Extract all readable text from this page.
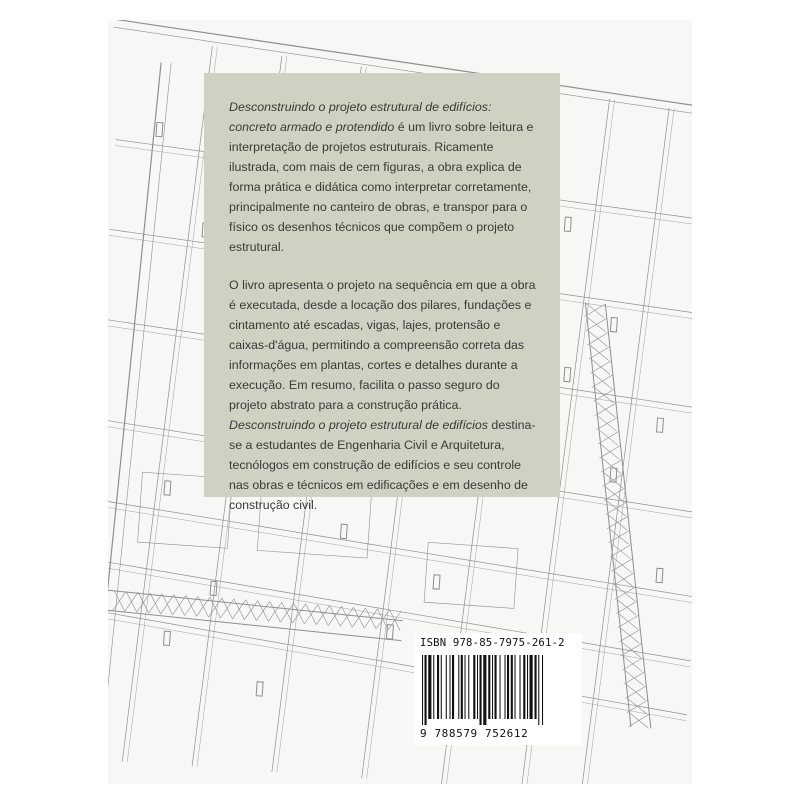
Desconstruindo o projeto estrutural de edifícios: concreto armado e protendido é um livro sobre leitura e interpretação de projetos estruturais. Ricamente ilustrada, com mais de cem figuras, a obra explica de forma prática e didática como interpretar corretamente, principalmente no canteiro de obras, e transpor para o físico os desenhos técnicos que compõem o projeto estrutural.

O livro apresenta o projeto na sequência em que a obra é executada, desde a locação dos pilares, fundações e cintamento até escadas, vigas, lajes, protensão e caixas-d'água, permitindo a compreensão correta das informações em plantas, cortes e detalhes durante a execução. Em resumo, facilita o passo seguro do projeto abstrato para a construção prática. Desconstruindo o projeto estrutural de edifícios destina-se a estudantes de Engenharia Civil e Arquitetura, tecnólogos em construção de edifícios e seu controle nas obras e técnicos em edificações e em desenho de construção civil.

ISBN 978-85-7975-261-2
9 788579 752612
